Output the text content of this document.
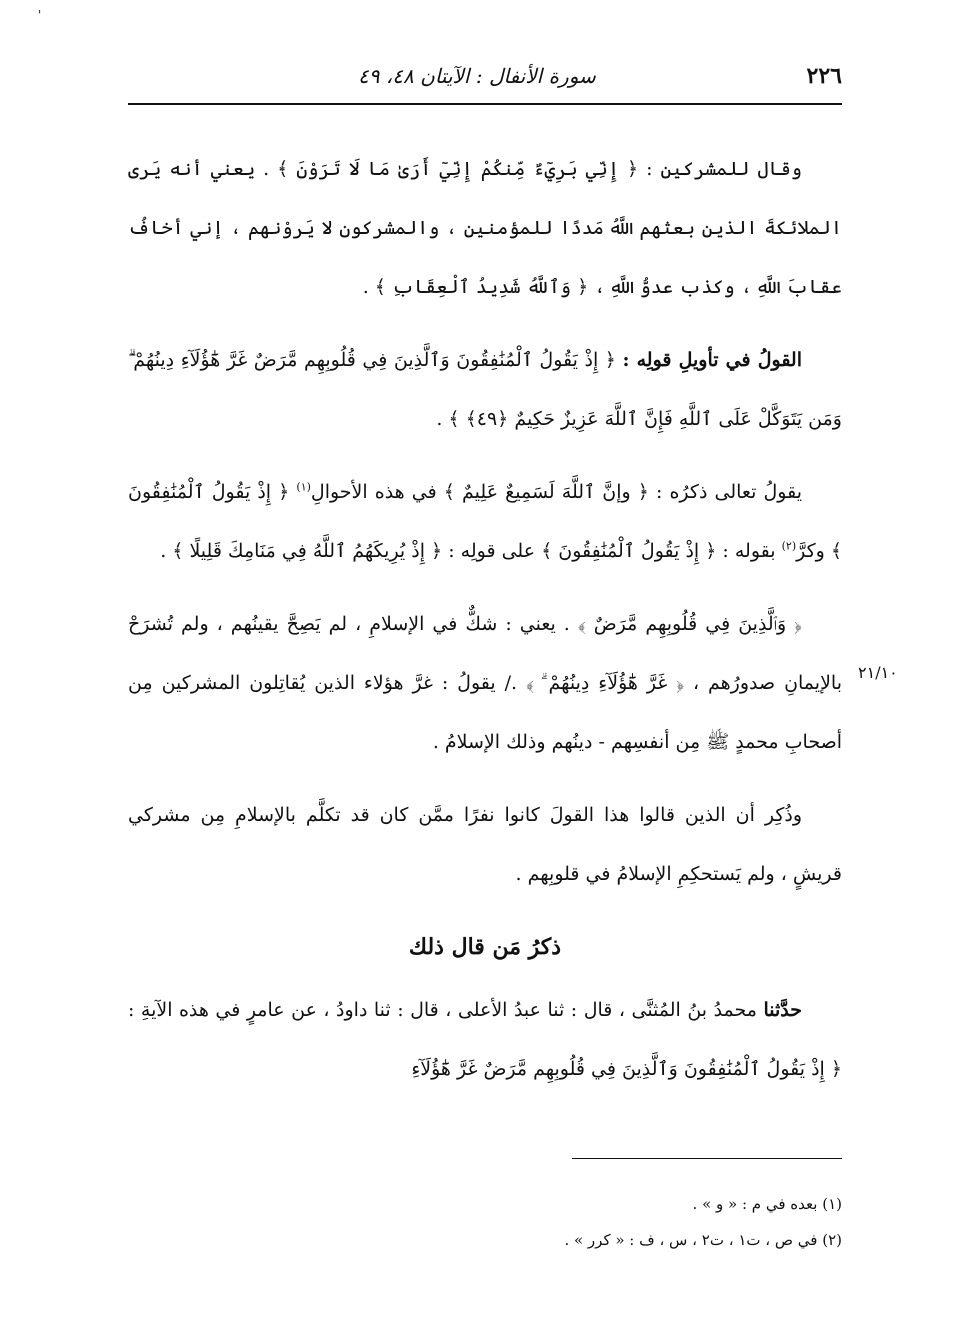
'
٢٢٦
سورة الأنفال : الآيتان ٤٨، ٤٩
٢١/١٠

وقال للمشركين : ﴿ إِنِّي بَرِيٓءٌ مِّنكُمْ إِنِّيٓ أَرَىٰ مَا لَا تَرَوْنَ ﴾ . يعني أنه يَرى الملائكةَ الذين بعثهم اللَّهُ مَددًا للمؤمنين ، والمشركون لا يَروْنهم ، إني أخافُ عقابَ اللَّهِ ، وكذب عدوُّ اللَّهِ ، ﴿ وَٱللَّهُ شَدِيدُ ٱلْعِقَابِ ﴾ .

القولُ في تأويلِ قولِه : ﴿ إِذْ يَقُولُ ٱلْمُنَٰفِقُونَ وَٱلَّذِينَ فِي قُلُوبِهِم مَّرَضٌ غَرَّ هَٰٓؤُلَآءِ دِينُهُمْ ۗ وَمَن يَتَوَكَّلْ عَلَى ٱللَّهِ فَإِنَّ ٱللَّهَ عَزِيزٌ حَكِيمٌ ﴿٤٩﴾ ﴾ .

يقولُ تعالى ذكرُه : ﴿ وإنَّ ٱللَّهَ لَسَمِيعٌ عَلِيمٌ ﴾ في هذه الأحوالِ$^{(١)}$ ﴿ إِذْ يَقُولُ ٱلْمُنَٰفِقُونَ ﴾ وكرَّ$^{(٢)}$ بقوله : ﴿ إِذْ يَقُولُ ٱلْمُنَٰفِقُونَ ﴾ على قولِه : ﴿ إِذْ يُرِيكَهُمُ ٱللَّهُ فِي مَنَامِكَ قَلِيلًا ﴾ .

﴿ وَٱلَّذِينَ فِي قُلُوبِهِم مَّرَضٌ ﴾ . يعني : شكٌّ في الإسلامِ ، لم يَصِحَّ يقينُهم ، ولم تُشرَحْ بالإيمانِ صدورُهم ، ﴿ غَرَّ هَٰٓؤُلَآءِ دِينُهُمْ ۗ ﴾ ./ يقولُ : غرَّ هؤلاء الذين يُقاتِلون المشركين مِن أصحابِ محمدٍ ﷺ مِن أنفسِهم - دينُهم وذلك الإسلامُ .

وذُكِر أن الذين قالوا هذا القولَ كانوا نفرًا ممَّن كان قد تكلَّم بالإسلامِ مِن مشركي قريشٍ ، ولم يَستحكِمِ الإسلامُ في قلوبِهم .

ذكرُ مَن قال ذلك

حدَّثنا محمدُ بنُ المُثنَّى ، قال : ثنا عبدُ الأعلى ، قال : ثنا داودُ ، عن عامرٍ في هذه الآيةِ : ﴿ إِذْ يَقُولُ ٱلْمُنَٰفِقُونَ وَٱلَّذِينَ فِي قُلُوبِهِم مَّرَضٌ غَرَّ هَٰٓؤُلَآءِ

(١) بعده في م : « و » .

(٢) في ص ، ت١ ، ت٢ ، س ، ف : « كرر » .
